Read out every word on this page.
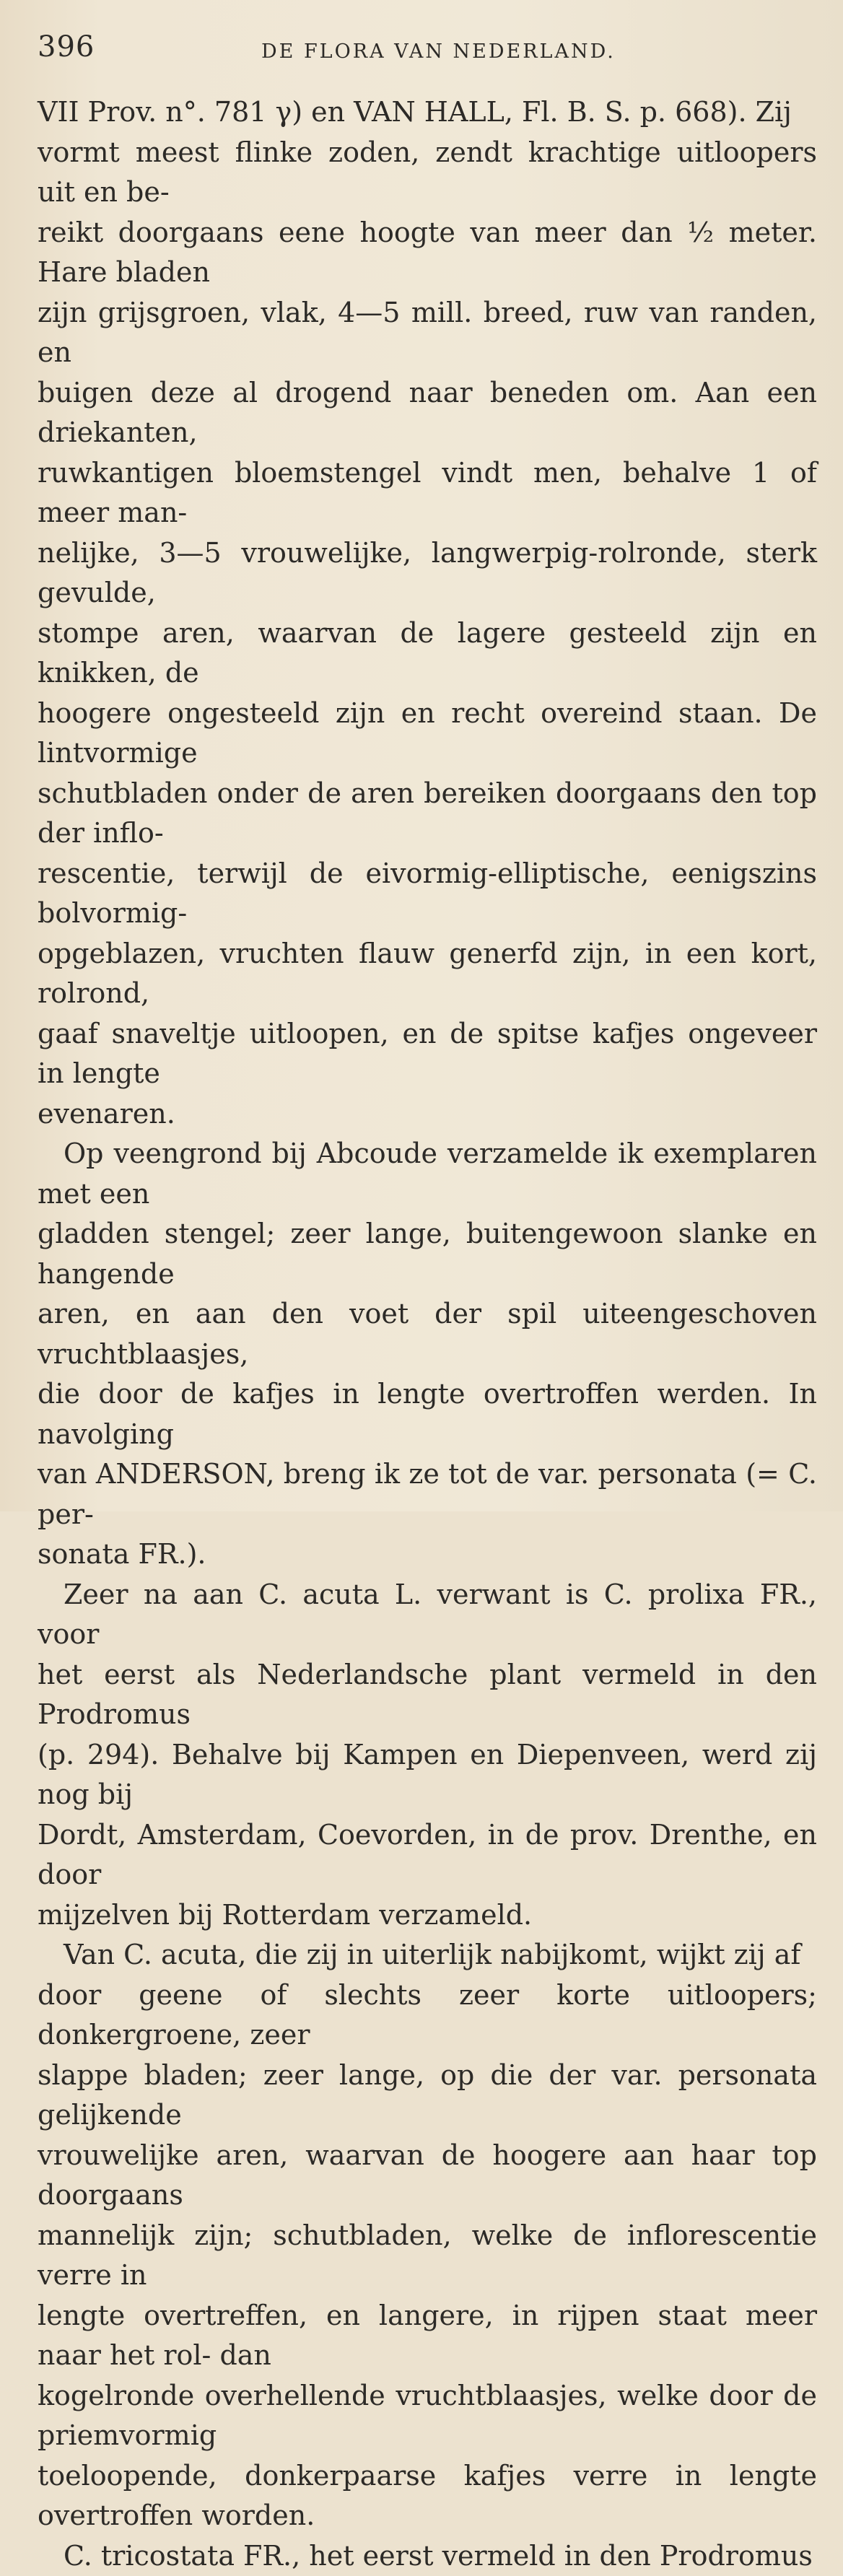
396	DE FLORA VAN NEDERLAND.

VII Prov. n°. 781 γ) en VAN HALL, Fl. B. S. p. 668). Zij
vormt meest flinke zoden, zendt krachtige uitloopers uit en be-
reikt doorgaans eene hoogte van meer dan ½ meter. Hare bladen
zijn grijsgroen, vlak, 4—5 mill. breed, ruw van randen, en
buigen deze al drogend naar beneden om. Aan een driekanten,
ruwkantigen bloemstengel vindt men, behalve 1 of meer man-
nelijke, 3—5 vrouwelijke, langwerpig-rolronde, sterk gevulde,
stompe aren, waarvan de lagere gesteeld zijn en knikken, de
hoogere ongesteeld zijn en recht overeind staan. De lintvormige
schutbladen onder de aren bereiken doorgaans den top der inflo-
rescentie, terwijl de eivormig-elliptische, eenigszins bolvormig-
opgeblazen, vruchten flauw generfd zijn, in een kort, rolrond,
gaaf snaveltje uitloopen, en de spitse kafjes ongeveer in lengte
evenaren.

Op veengrond bij Abcoude verzamelde ik exemplaren met een
gladden stengel; zeer lange, buitengewoon slanke en hangende
aren, en aan den voet der spil uiteengeschoven vruchtblaasjes,
die door de kafjes in lengte overtroffen werden. In navolging
van ANDERSON, breng ik ze tot de var. personata (= C. per-
sonata FR.).

Zeer na aan C. acuta L. verwant is C. prolixa FR., voor
het eerst als Nederlandsche plant vermeld in den Prodromus
(p. 294). Behalve bij Kampen en Diepenveen, werd zij nog bij
Dordt, Amsterdam, Coevorden, in de prov. Drenthe, en door
mijzelven bij Rotterdam verzameld.

Van C. acuta, die zij in uiterlijk nabijkomt, wijkt zij af
door geene of slechts zeer korte uitloopers; donkergroene, zeer
slappe bladen; zeer lange, op die der var. personata gelijkende
vrouwelijke aren, waarvan de hoogere aan haar top doorgaans
mannelijk zijn; schutbladen, welke de inflorescentie verre in
lengte overtreffen, en langere, in rijpen staat meer naar het rol- dan
kogelronde overhellende vruchtblaasjes, welke door de priemvormig
toeloopende, donkerpaarse kafjes verre in lengte overtroffen worden.

C. tricostata FR., het eerst vermeld in den Prodromus
